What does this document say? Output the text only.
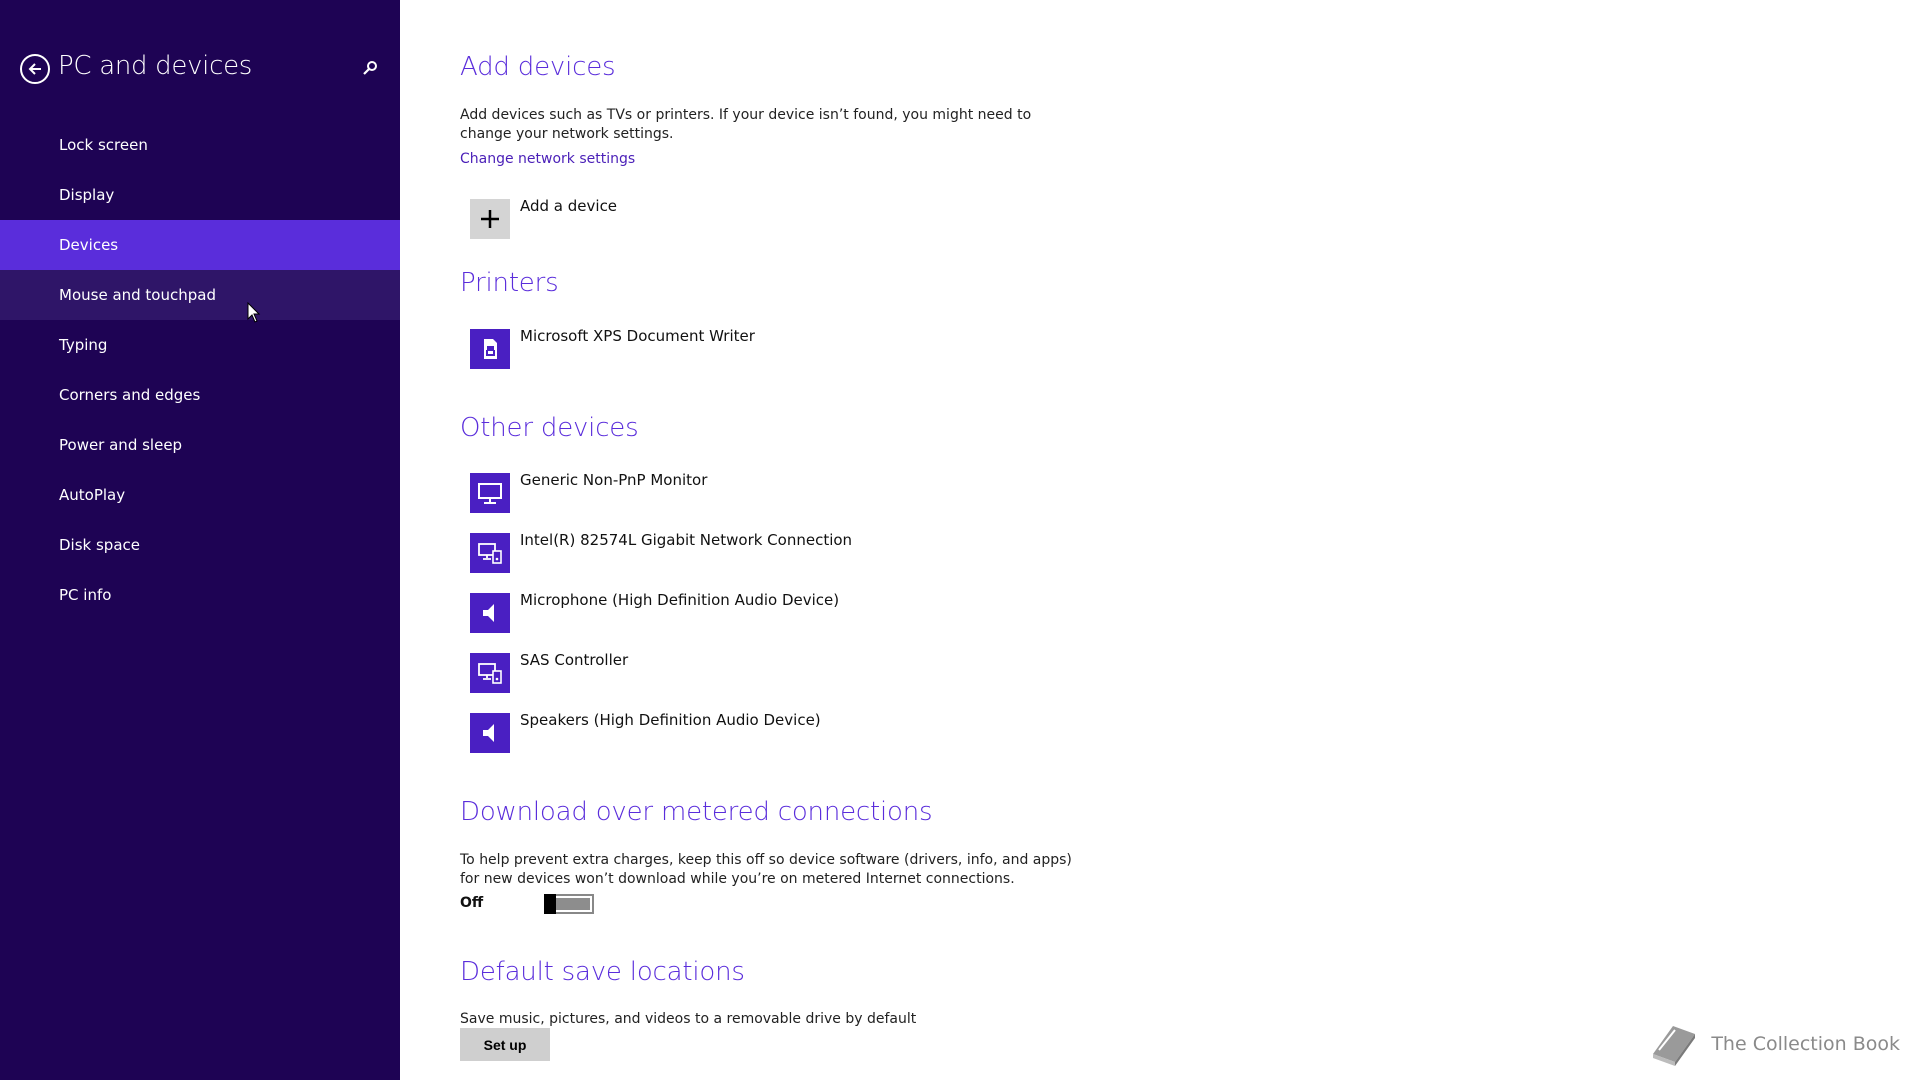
PC and devices
Lock screen
Display
Devices
Mouse and touchpad
Typing
Corners and edges
Power and sleep
AutoPlay
Disk space
PC info
Add devices
Add devices such as TVs or printers. If your device isn’t found, you might need to change your network settings.
Change network settings
Add a device
Printers
Microsoft XPS Document Writer
Other devices
Generic Non-PnP Monitor
Intel(R) 82574L Gigabit Network Connection
Microphone (High Definition Audio Device)
SAS Controller
Speakers (High Definition Audio Device)
Download over metered connections
To help prevent extra charges, keep this off so device software (drivers, info, and apps) for new devices won’t download while you’re on metered Internet connections.
Off
Default save locations
Save music, pictures, and videos to a removable drive by default
Set up	The Collection Book
